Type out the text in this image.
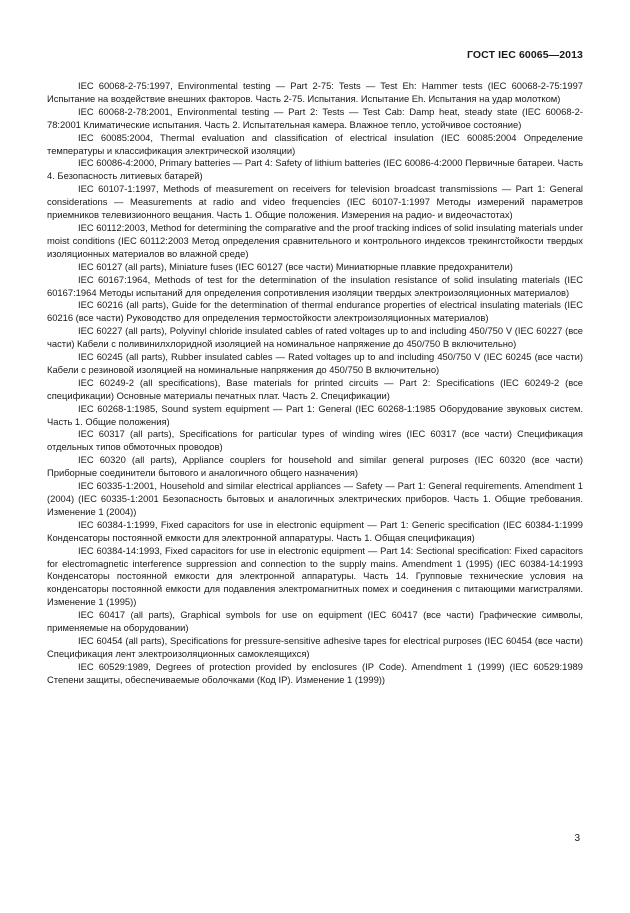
ГОСТ IEC 60065—2013

IEC 60068-2-75:1997, Environmental testing — Part 2-75: Tests — Test Eh: Hammer tests (IEC 60068-2-75:1997 Испытание на воздействие внешних факторов. Часть 2-75. Испытания. Испытание Eh. Испытания на удар молотком)

IEC 60068-2-78:2001, Environmental testing — Part 2: Tests — Test Cab: Damp heat, steady state (IEC 60068-2-78:2001 Климатические испытания. Часть 2. Испытательная камера. Влажное тепло, устойчивое состояние)

IEC 60085:2004, Thermal evaluation and classification of electrical insulation (IEC 60085:2004 Определение температуры и классификация электрической изоляции)

IEC 60086-4:2000, Primary batteries — Part 4: Safety of lithium batteries (IEC 60086-4:2000 Первичные батареи. Часть 4. Безопасность литиевых батарей)

IEC 60107-1:1997, Methods of measurement on receivers for television broadcast transmissions — Part 1: General considerations — Measurements at radio and video frequencies (IEC 60107-1:1997 Методы измерений параметров приемников телевизионного вещания. Часть 1. Общие положения. Измерения на радио- и видеочастотах)

IEC 60112:2003, Method for determining the comparative and the proof tracking indices of solid insulating materials under moist conditions (IEC 60112:2003 Метод определения сравнительного и контрольного индексов трекингстойкости твердых изоляционных материалов во влажной среде)

IEC 60127 (all parts), Miniature fuses (IEC 60127 (все части) Миниатюрные плавкие предохранители)

IEC 60167:1964, Methods of test for the determination of the insulation resistance of solid insulating materials (IEC 60167:1964 Методы испытаний для определения сопротивления изоляции твердых электроизоляционных материалов)

IEC 60216 (all parts), Guide for the determination of thermal endurance properties of electrical insulating materials (IEC 60216 (все части) Руководство для определения термостойкости электроизоляционных материалов)

IEC 60227 (all parts), Polyvinyl chloride insulated cables of rated voltages up to and including 450/750 V (IEC 60227 (все части) Кабели с поливинилхлоридной изоляцией на номинальное напряжение до 450/750 В включительно)

IEC 60245 (all parts), Rubber insulated cables — Rated voltages up to and including 450/750 V (IEC 60245 (все части) Кабели с резиновой изоляцией на номинальные напряжения до 450/750 В включительно)

IEC 60249-2 (all specifications), Base materials for printed circuits — Part 2: Specifications (IEC 60249-2 (все спецификации) Основные материалы печатных плат. Часть 2. Спецификации)

IEC 60268-1:1985, Sound system equipment — Part 1: General (IEC 60268-1:1985 Оборудование звуковых систем. Часть 1. Общие положения)

IEC 60317 (all parts), Specifications for particular types of winding wires (IEC 60317 (все части) Спецификация отдельных типов обмоточных проводов)

IEC 60320 (all parts), Appliance couplers for household and similar general purposes (IEC 60320 (все части) Приборные соединители бытового и аналогичного общего назначения)

IEC 60335-1:2001, Household and similar electrical appliances — Safety — Part 1: General requirements. Amendment 1 (2004) (IEC 60335-1:2001 Безопасность бытовых и аналогичных электрических приборов. Часть 1. Общие требования. Изменение 1 (2004))

IEC 60384-1:1999, Fixed capacitors for use in electronic equipment — Part 1: Generic specification (IEC 60384-1:1999 Конденсаторы постоянной емкости для электронной аппаратуры. Часть 1. Общая спецификация)

IEC 60384-14:1993, Fixed capacitors for use in electronic equipment — Part 14: Sectional specification: Fixed capacitors for electromagnetic interference suppression and connection to the supply mains. Amendment 1 (1995) (IEC 60384-14:1993 Конденсаторы постоянной емкости для электронной аппаратуры. Часть 14. Групповые технические условия на конденсаторы постоянной емкости для подавления электромагнитных помех и соединения с питающими магистралями. Изменение 1 (1995))

IEC 60417 (all parts), Graphical symbols for use on equipment (IEC 60417 (все части) Графические символы, применяемые на оборудовании)

IEC 60454 (all parts), Specifications for pressure-sensitive adhesive tapes for electrical purposes (IEC 60454 (все части) Спецификация лент электроизоляционных самоклеящихся)

IEC 60529:1989, Degrees of protection provided by enclosures (IP Code). Amendment 1 (1999) (IEC 60529:1989 Степени защиты, обеспечиваемые оболочками (Код IP). Изменение 1 (1999))

3
